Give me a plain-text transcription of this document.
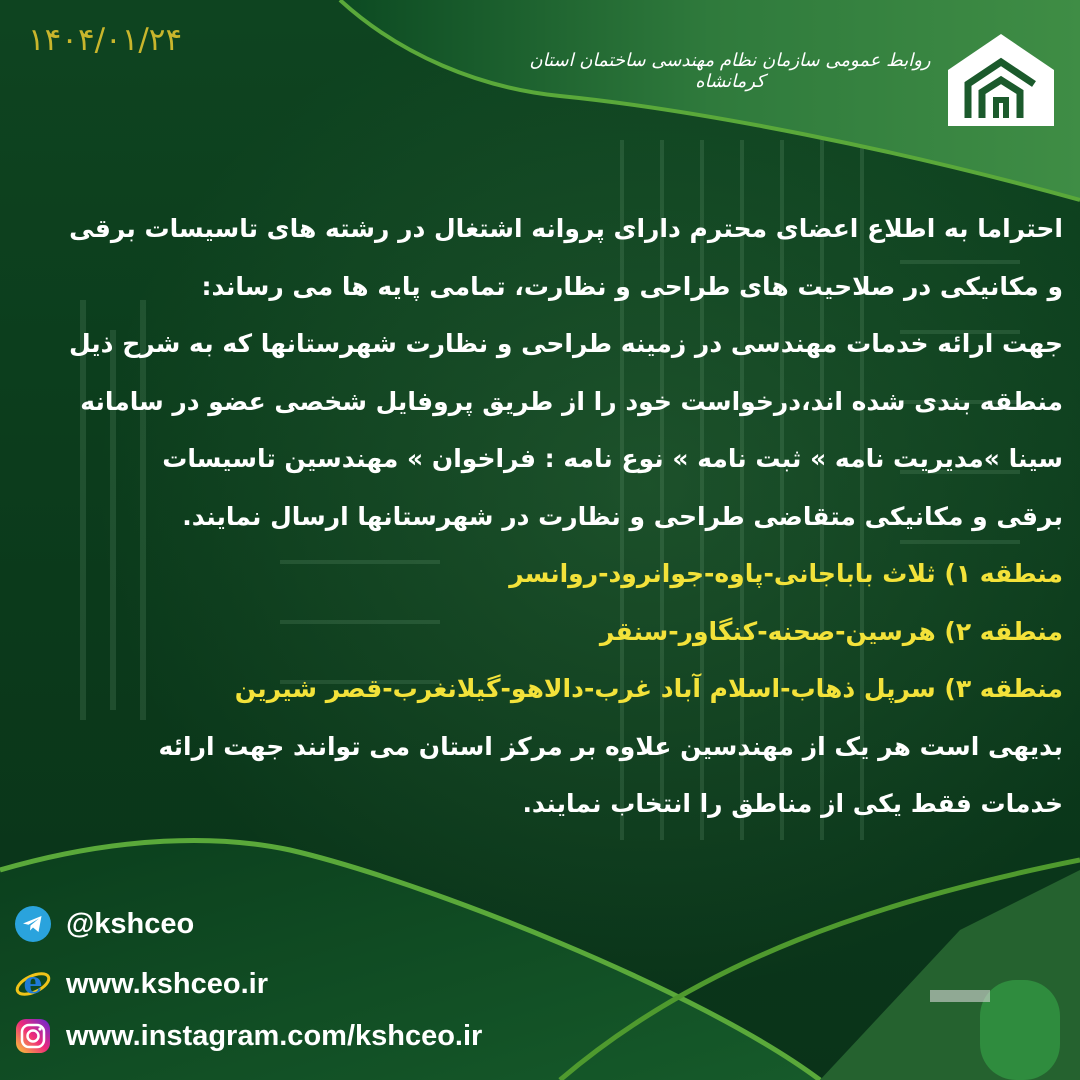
۱۴۰۴/۰۱/۲۴
روابط عمومی سازمان نظام مهندسی ساختمان استان کرمانشاه

احتراما به اطلاع اعضای محترم دارای پروانه اشتغال در رشته های تاسیسات برقی

و مکانیکی در صلاحیت های طراحی و نظارت، تمامی پایه ها می رساند:

جهت ارائه خدمات مهندسی در زمینه طراحی و نظارت شهرستانها که به شرح ذیل

منطقه بندی شده اند،درخواست خود را از طریق پروفایل شخصی عضو در سامانه

سینا »مدیریت نامه » ثبت نامه » نوع نامه : فراخوان » مهندسین تاسیسات

برقی و مکانیکی متقاضی طراحی و نظارت در شهرستانها ارسال نمایند.

منطقه ۱) ثلاث باباجانی-پاوه-جوانرود-روانسر

منطقه ۲) هرسین-صحنه-کنگاور-سنقر

منطقه ۳) سرپل ذهاب-اسلام آباد غرب-دالاهو-گیلانغرب-قصر شیرین

بدیهی است هر یک از مهندسین علاوه بر مرکز استان می توانند جهت ارائه

خدمات فقط یکی از مناطق را انتخاب نمایند.

@kshceo
e www.kshceo.ir
www.instagram.com/kshceo.ir
